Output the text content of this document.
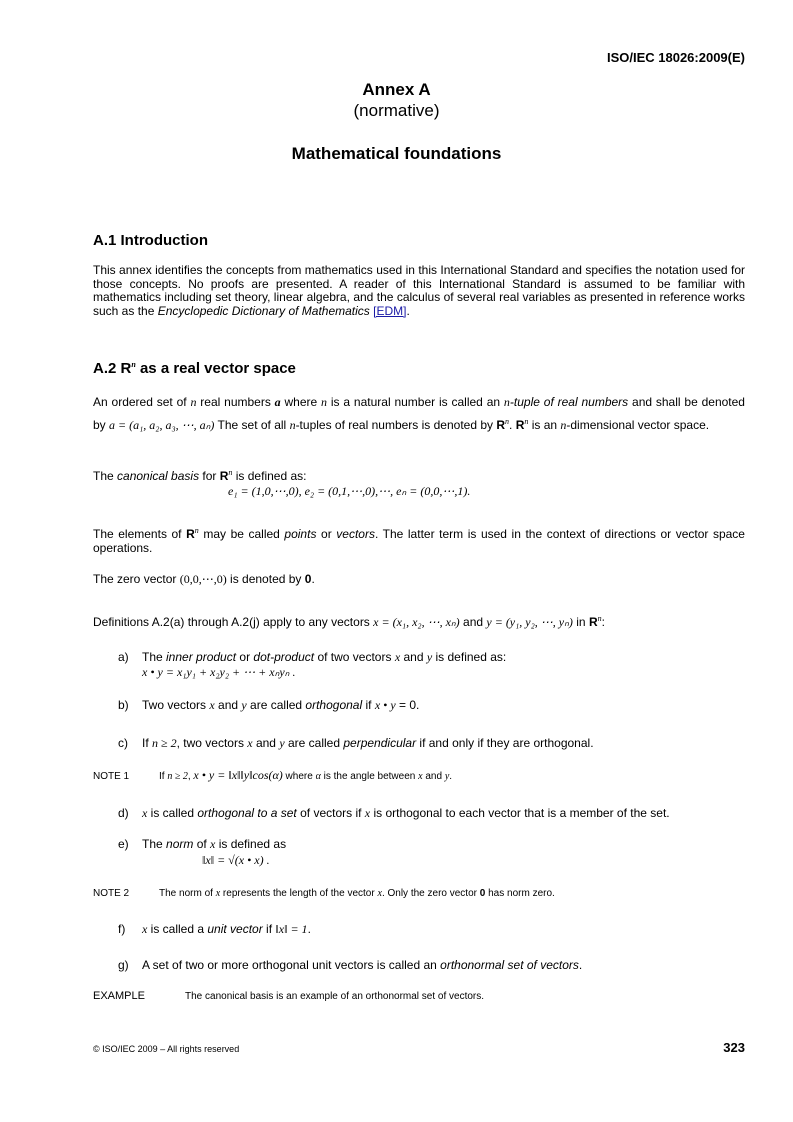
ISO/IEC 18026:2009(E)
Annex A
(normative)
Mathematical foundations
A.1 Introduction
This annex identifies the concepts from mathematics used in this International Standard and specifies the notation used for those concepts. No proofs are presented. A reader of this International Standard is assumed to be familiar with mathematics including set theory, linear algebra, and the calculus of several real variables as presented in reference works such as the Encyclopedic Dictionary of Mathematics [EDM].
A.2 $R^n$ as a real vector space
An ordered set of n real numbers a where n is a natural number is called an n-tuple of real numbers and shall be denoted by a = (a₁, a₂, a₃, ⋯, aₙ) The set of all n-tuples of real numbers is denoted by $R^n$. $R^n$ is an n-dimensional vector space.
The canonical basis for $R^n$ is defined as:
e₁ = (1,0,⋯,0), e₂ = (0,1,⋯,0),⋯, eₙ = (0,0,⋯,1).
The elements of $R^n$ may be called points or vectors. The latter term is used in the context of directions or vector space operations.
The zero vector (0,0,⋯,0) is denoted by 0.
Definitions A.2(a) through A.2(j) apply to any vectors x = (x₁, x₂, ⋯, xₙ) and y = (y₁, y₂, ⋯, yₙ) in $R^n$:
a) The inner product or dot-product of two vectors x and y is defined as:
x • y = x₁y₁ + x₂y₂ + ⋯ + xₙyₙ .
b) Two vectors x and y are called orthogonal if x • y = 0.
c) If n ≥ 2, two vectors x and y are called perpendicular if and only if they are orthogonal.
NOTE 1	If n ≥ 2, x • y = ‖x‖‖y‖cos(α) where α is the angle between x and y.
d) x is called orthogonal to a set of vectors if x is orthogonal to each vector that is a member of the set.
e) The norm of x is defined as
‖x‖ = √(x • x) .
NOTE 2	The norm of x represents the length of the vector x. Only the zero vector 0 has norm zero.
f) x is called a unit vector if ‖x‖ = 1.
g) A set of two or more orthogonal unit vectors is called an orthonormal set of vectors.
EXAMPLE	The canonical basis is an example of an orthonormal set of vectors.
© ISO/IEC 2009 – All rights reserved	323
